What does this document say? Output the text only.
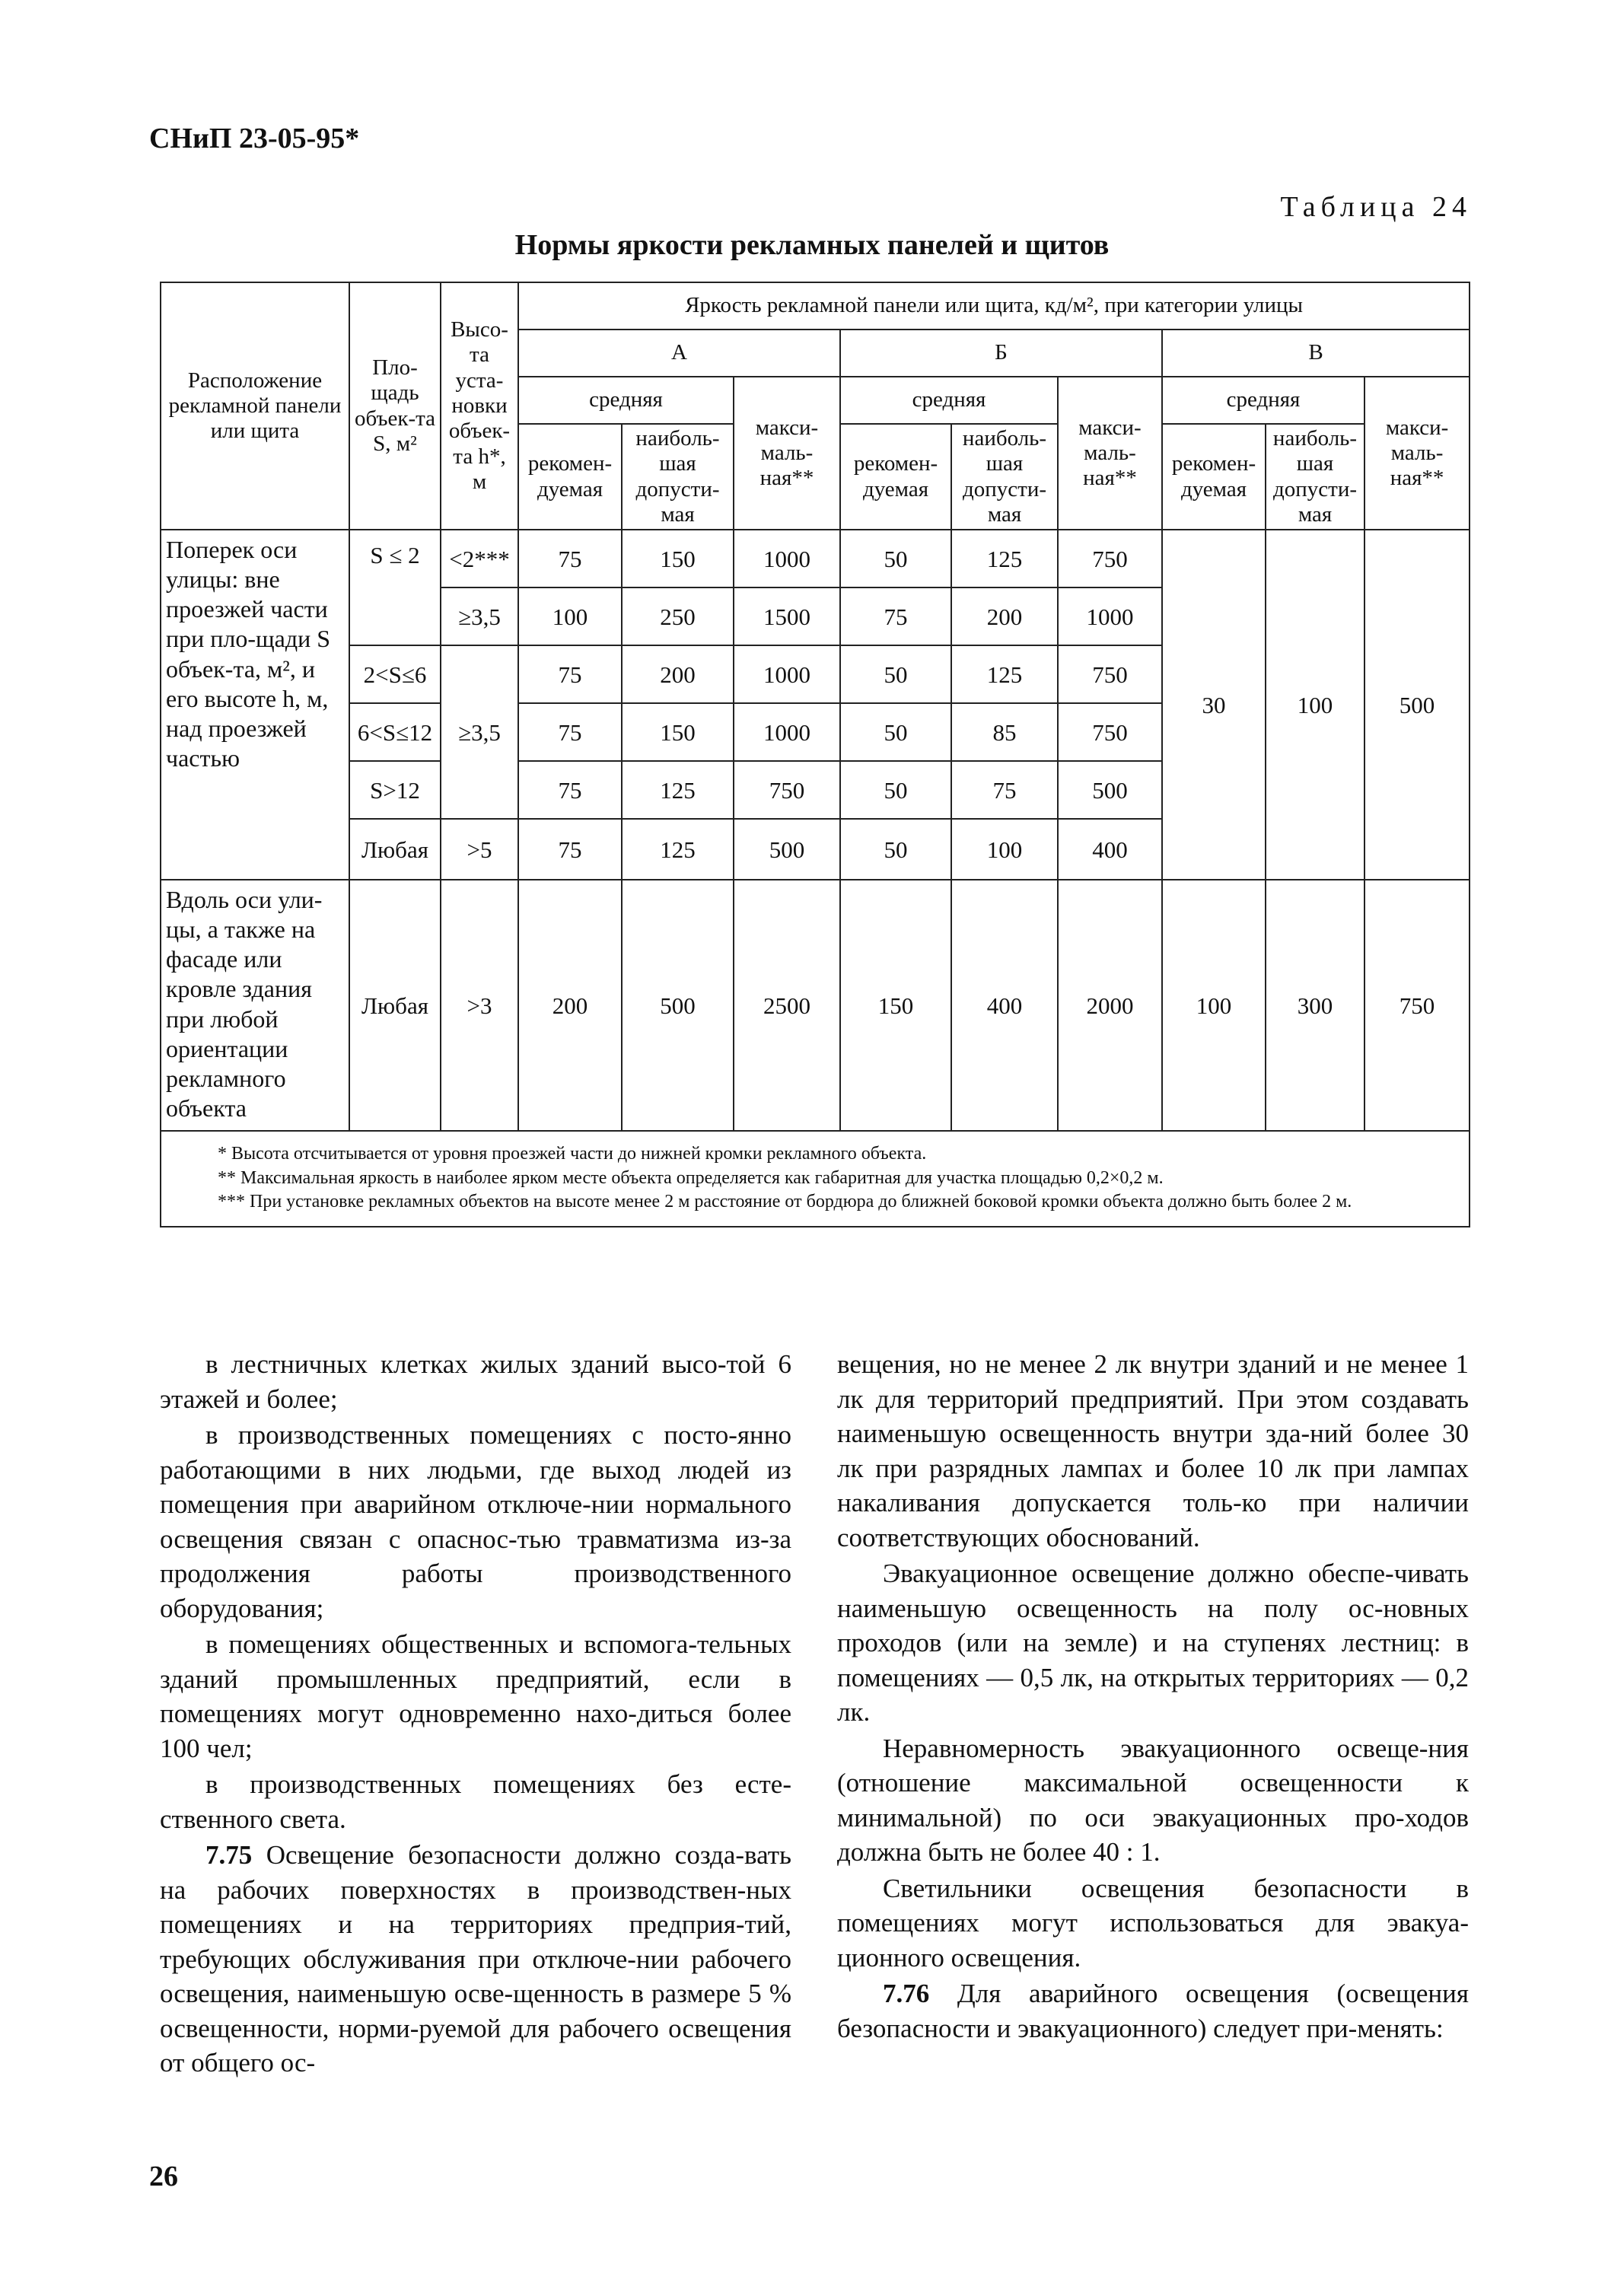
СНиП 23-05-95*
Таблица 24
Нормы яркости рекламных панелей и щитов
Расположение рекламной панели или щита	Пло-щадь объек-та S, м²	Высо-та уста-новки объек-та h*, м	Яркость рекламной панели или щита, кд/м², при категории улицы								
			А			Б			В		
			средняя		макси-маль-ная**	средняя		макси-маль-ная**	средняя		макси-маль-ная**
			рекомен-дуемая	наиболь-шая допусти-мая		рекомен-дуемая	наиболь-шая допусти-мая		рекомен-дуемая	наиболь-шая допусти-мая	
Поперек оси улицы: вне проезжей части при пло-щади S объек-та, м², и его высоте h, м, над проезжей частью	S ≤ 2	<2***	75	150	1000	50	125	750	30	100	500
		≥3,5	100	250	1500	75	200	1000			
	2<S≤6	≥3,5	75	200	1000	50	125	750			
	6<S≤12		75	150	1000	50	85	750			
	S>12		75	125	750	50	75	500			
	Любая	>5	75	125	500	50	100	400			
Вдоль оси ули-цы, а также на фасаде или кровле здания при любой ориентации рекламного объекта	Любая	>3	200	500	2500	150	400	2000	100	300	750

* Высота отсчитывается от уровня проезжей части до нижней кромки рекламного объекта.

** Максимальная яркость в наиболее ярком месте объекта определяется как габаритная для участка площадью 0,2×0,2 м.

*** При установке рекламных объектов на высоте менее 2 м расстояние от бордюра до ближней боковой кромки объекта должно быть более 2 м.											

в лестничных клетках жилых зданий высо-той 6 этажей и более;

в производственных помещениях с посто-янно работающими в них людьми, где выход людей из помещения при аварийном отключе-нии нормального освещения связан с опаснос-тью травматизма из-за продолжения работы производственного оборудования;

в помещениях общественных и вспомога-тельных зданий промышленных предприятий, если в помещениях могут одновременно нахо-диться более 100 чел;

в производственных помещениях без есте-ственного света.

7.75 Освещение безопасности должно созда-вать на рабочих поверхностях в производствен-ных помещениях и на территориях предприя-тий, требующих обслуживания при отключе-нии рабочего освещения, наименьшую осве-щенность в размере 5 % освещенности, норми-руемой для рабочего освещения от общего ос-

вещения, но не менее 2 лк внутри зданий и не менее 1 лк для территорий предприятий. При этом создавать наименьшую освещенность внутри зда-ний более 30 лк при разрядных лампах и более 10 лк при лампах накаливания допускается толь-ко при наличии соответствующих обоснований.

Эвакуационное освещение должно обеспе-чивать наименьшую освещенность на полу ос-новных проходов (или на земле) и на ступенях лестниц: в помещениях — 0,5 лк, на открытых территориях — 0,2 лк.

Неравномерность эвакуационного освеще-ния (отношение максимальной освещенности к минимальной) по оси эвакуационных про-ходов должна быть не более 40 : 1.

Светильники освещения безопасности в помещениях могут использоваться для эвакуа-ционного освещения.

7.76 Для аварийного освещения (освещения безопасности и эвакуационного) следует при-менять:

26
